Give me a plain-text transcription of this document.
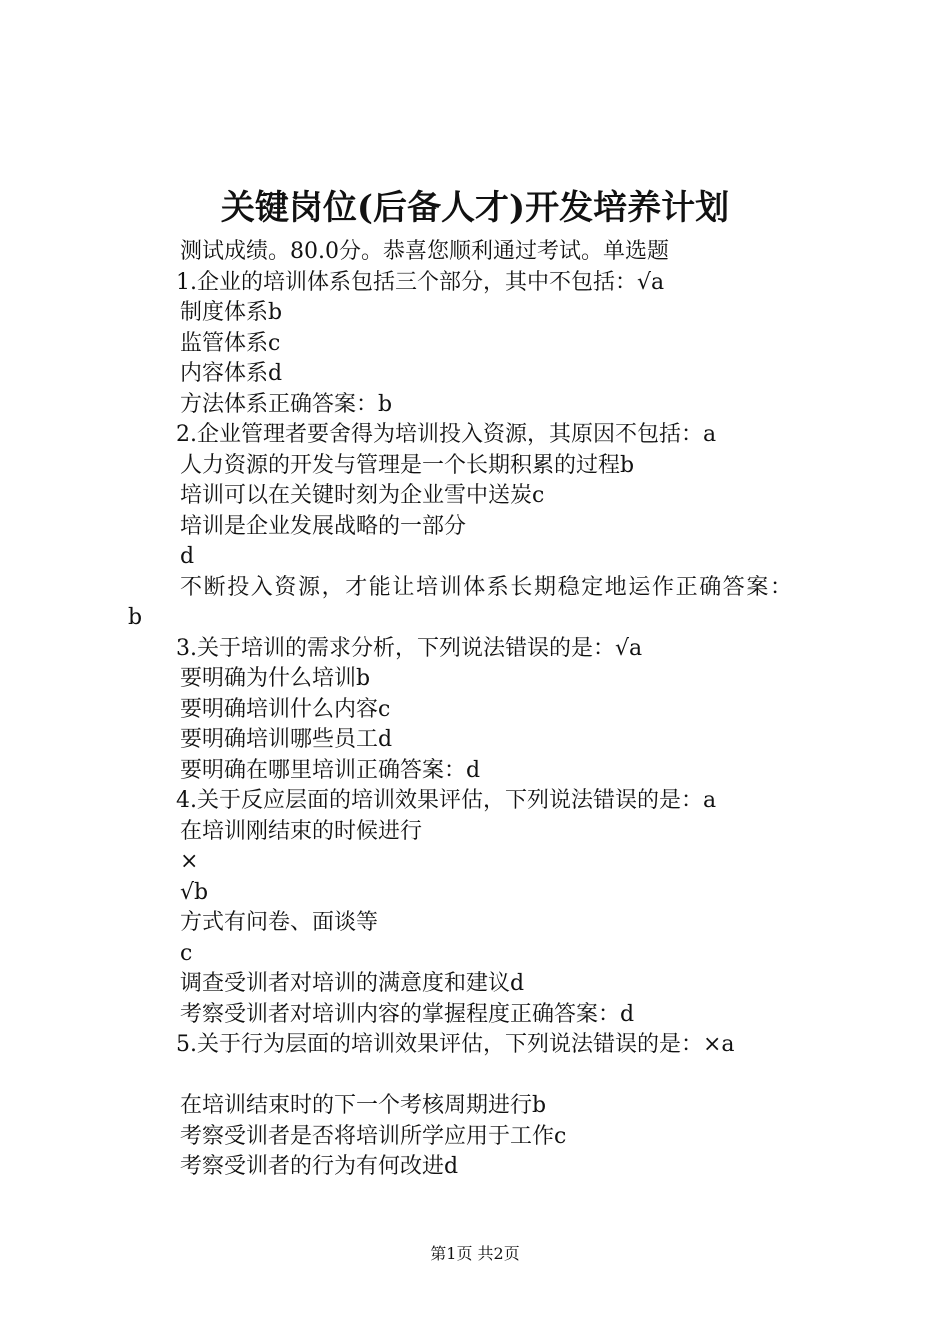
关键岗位(后备人才)开发培养计划
测试成绩。80.0分。恭喜您顺利通过考试。单选题
1.企业的培训体系包括三个部分，其中不包括：√a
制度体系b
监管体系c
内容体系d
方法体系正确答案：b
2.企业管理者要舍得为培训投入资源，其原因不包括：a
人力资源的开发与管理是一个长期积累的过程b
培训可以在关键时刻为企业雪中送炭c
培训是企业发展战略的一部分
d
不断投入资源，才能让培训体系长期稳定地运作正确答案：
b
3.关于培训的需求分析，下列说法错误的是：√a
要明确为什么培训b
要明确培训什么内容c
要明确培训哪些员工d
要明确在哪里培训正确答案：d
4.关于反应层面的培训效果评估，下列说法错误的是：a
在培训刚结束的时候进行
×
√b
方式有问卷、面谈等
c
调查受训者对培训的满意度和建议d
考察受训者对培训内容的掌握程度正确答案：d
5.关于行为层面的培训效果评估，下列说法错误的是：×a
在培训结束时的下一个考核周期进行b
考察受训者是否将培训所学应用于工作c
考察受训者的行为有何改进d
第1页 共2页
